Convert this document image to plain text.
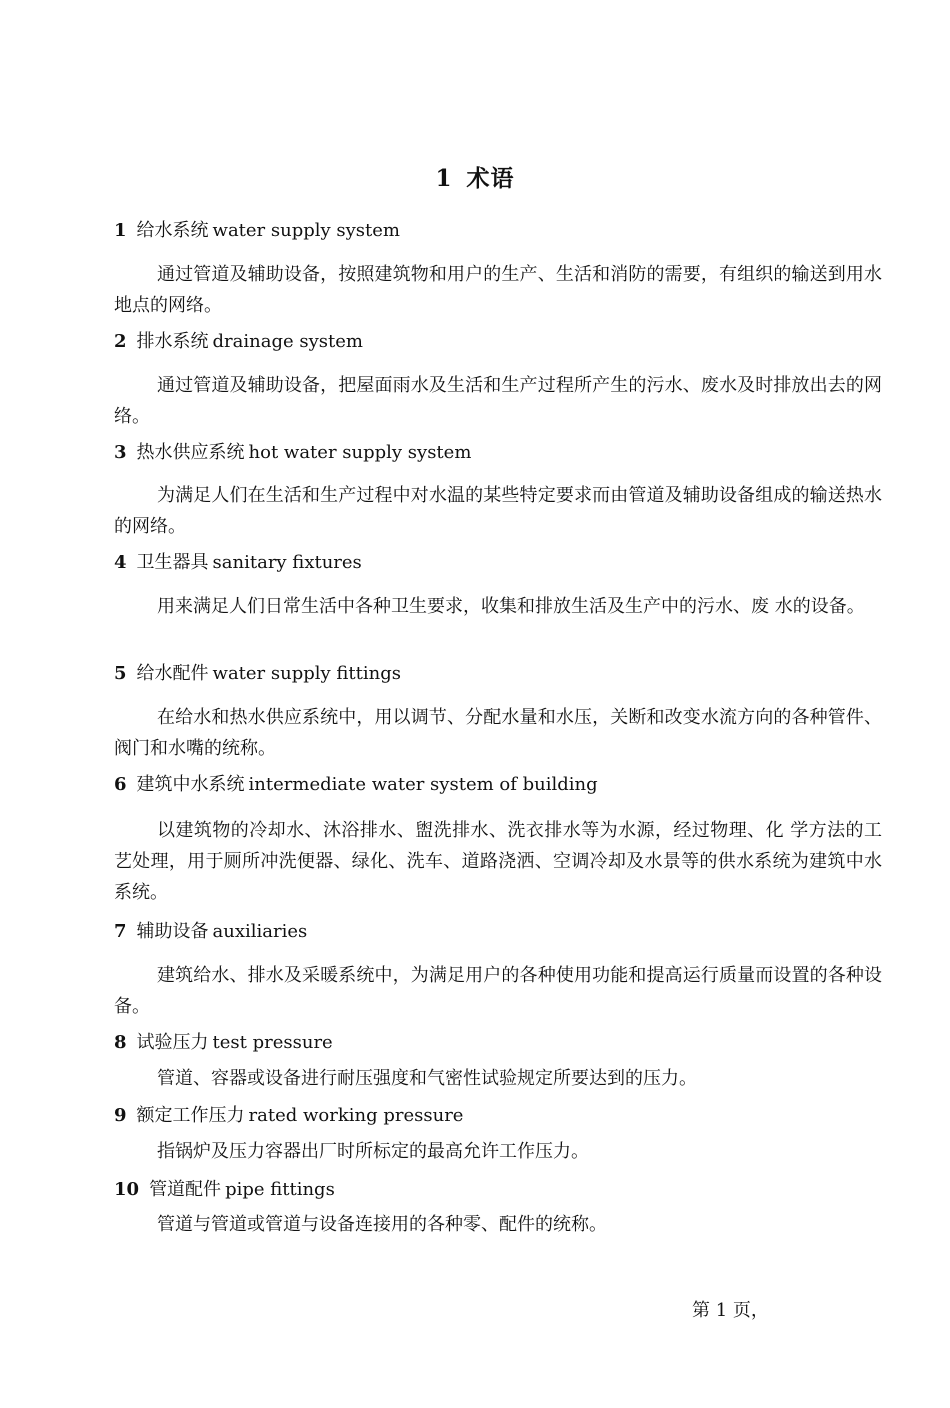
1 术语
1 给水系统 water supply system
通过管道及辅助设备，按照建筑物和用户的生产、生活和消防的需要，有组织的输送到用水地点的网络。
2 排水系统 drainage system
通过管道及辅助设备，把屋面雨水及生活和生产过程所产生的污水、废水及时排放出去的网络。
3 热水供应系统 hot water supply system
为满足人们在生活和生产过程中对水温的某些特定要求而由管道及辅助设备组成的输送热水的网络。
4 卫生器具 sanitary fixtures
用来满足人们日常生活中各种卫生要求，收集和排放生活及生产中的污水、废 水的设备。
5 给水配件 water supply fittings
在给水和热水供应系统中，用以调节、分配水量和水压，关断和改变水流方向的各种管件、阀门和水嘴的统称。
6 建筑中水系统 intermediate water system of building
以建筑物的冷却水、沐浴排水、盥洗排水、洗衣排水等为水源，经过物理、化 学方法的工艺处理，用于厕所冲洗便器、绿化、洗车、道路浇洒、空调冷却及水景等的供水系统为建筑中水系统。
7 辅助设备 auxiliaries
建筑给水、排水及采暖系统中，为满足用户的各种使用功能和提高运行质量而设置的各种设备。
8 试验压力 test pressure
管道、容器或设备进行耐压强度和气密性试验规定所要达到的压力。
9 额定工作压力 rated working pressure
指锅炉及压力容器出厂时所标定的最高允许工作压力。
10 管道配件 pipe fittings
管道与管道或管道与设备连接用的各种零、配件的统称。
第 1 页，
